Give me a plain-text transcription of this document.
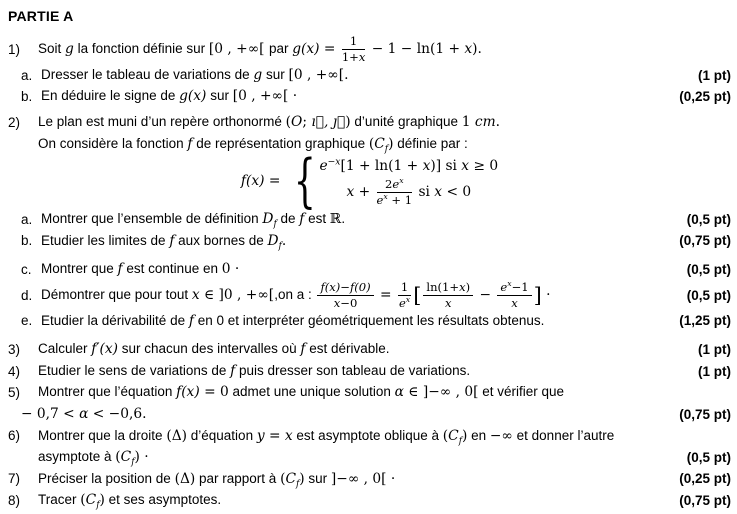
PARTIE A
1)	Soit g la fonction définie sur [0 , +∞[ par $g(x) = \frac{1}{1+x} - 1 - \ln(1 + x)$.
a. Dresser le tableau de variations de g sur [0 , +∞[.	(1 pt)
b. En déduire le signe de g(x) sur [0 , +∞[ ·	(0,25 pt)
2)	Le plan est muni d’un repère orthonormé (O; ı⃗, ȷ⃗) d’unité graphique 1 cm.
On considère la fonction f de représentation graphique $(C_f)$ définie par :
f(x) = { $e^{-x}[1 + \ln(1 + x)]$ si x ≥ 0
$x + \frac{2e^x}{e^x + 1}$ si x < 0
a. Montrer que l’ensemble de définition $D_f$ de f est ℝ.	(0,5 pt)
b. Etudier les limites de f aux bornes de $D_f$.	(0,75 pt)
c. Montrer que f est continue en 0 ·	(0,5 pt)
d. Démontrer que pour tout x ∈ ]0 , +∞[,on a : $\frac{f(x)-f(0)}{x-0} = \frac{1}{e^x}$ [ $\frac{\ln(1+x)}{x} - \frac{e^x-1}{x}$ ] ·	(0,5 pt)
e. Etudier la dérivabilité de f en 0 et interpréter géométriquement les résultats obtenus.	(1,25 pt)
3)	Calculer f′(x) sur chacun des intervalles où f est dérivable.	(1 pt)
4)	Etudier le sens de variations de f puis dresser son tableau de variations.	(1 pt)
5)	Montrer que l’équation f(x) = 0 admet une unique solution α ∈ ]−∞ , 0[ et vérifier que
− 0,7 < α < −0,6.	(0,75 pt)
6)	Montrer que la droite (Δ) d’équation y = x est asymptote oblique à $(C_f)$ en −∞ et donner l’autre
asymptote à $(C_f)$ ·	(0,5 pt)
7)	Préciser la position de (Δ) par rapport à $(C_f)$ sur ]−∞ , 0[ ·	(0,25 pt)
8)	Tracer $(C_f)$ et ses asymptotes.	(0,75 pt)
